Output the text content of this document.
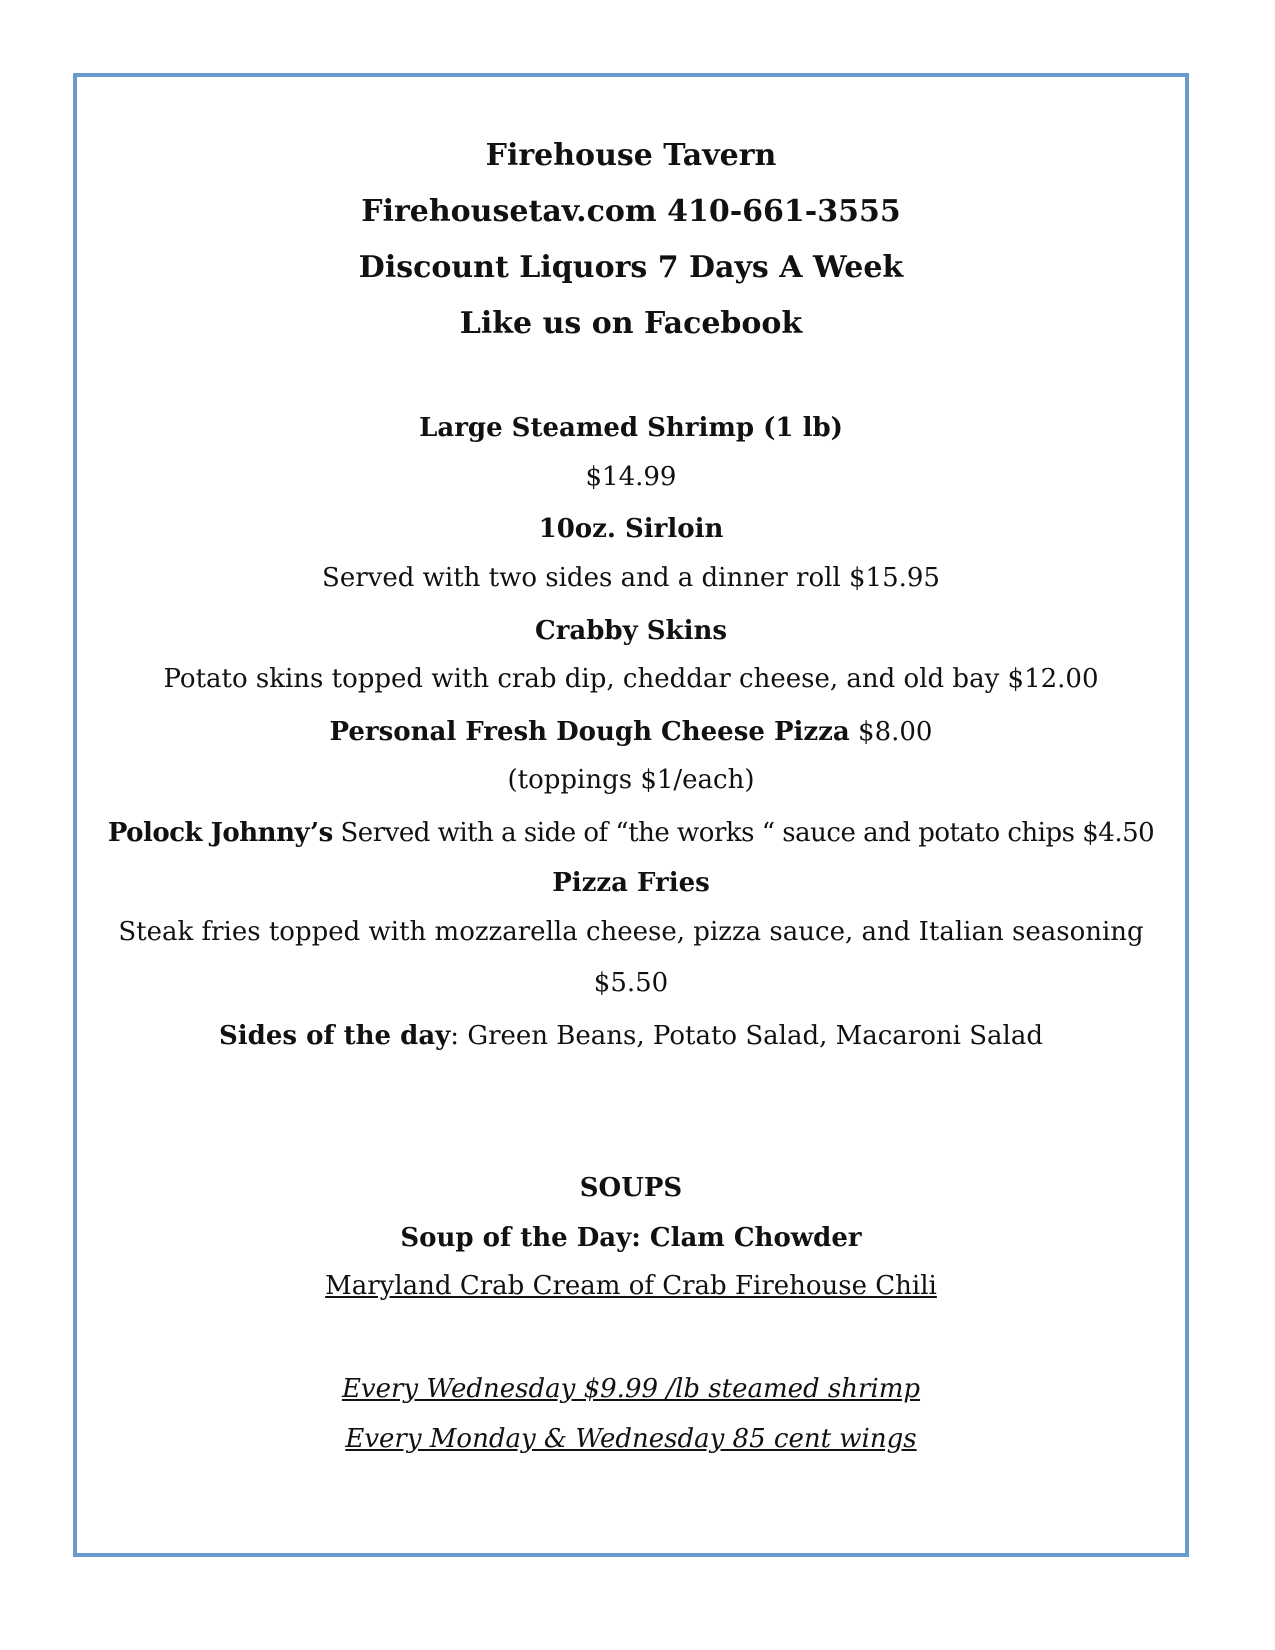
Firehouse Tavern
Firehousetav.com 410-661-3555
Discount Liquors 7 Days A Week
Like us on Facebook
Large Steamed Shrimp (1 lb)
$14.99
10oz. Sirloin
Served with two sides and a dinner roll $15.95
Crabby Skins
Potato skins topped with crab dip, cheddar cheese, and old bay $12.00
Personal Fresh Dough Cheese Pizza $8.00
(toppings $1/each)
Polock Johnny’s Served with a side of “the works “ sauce and potato chips $4.50
Pizza Fries
Steak fries topped with mozzarella cheese, pizza sauce, and Italian seasoning
$5.50
Sides of the day: Green Beans, Potato Salad, Macaroni Salad
SOUPS
Soup of the Day: Clam Chowder
Maryland Crab Cream of Crab Firehouse Chili
Every Wednesday $9.99 /lb steamed shrimp
Every Monday & Wednesday 85 cent wings
